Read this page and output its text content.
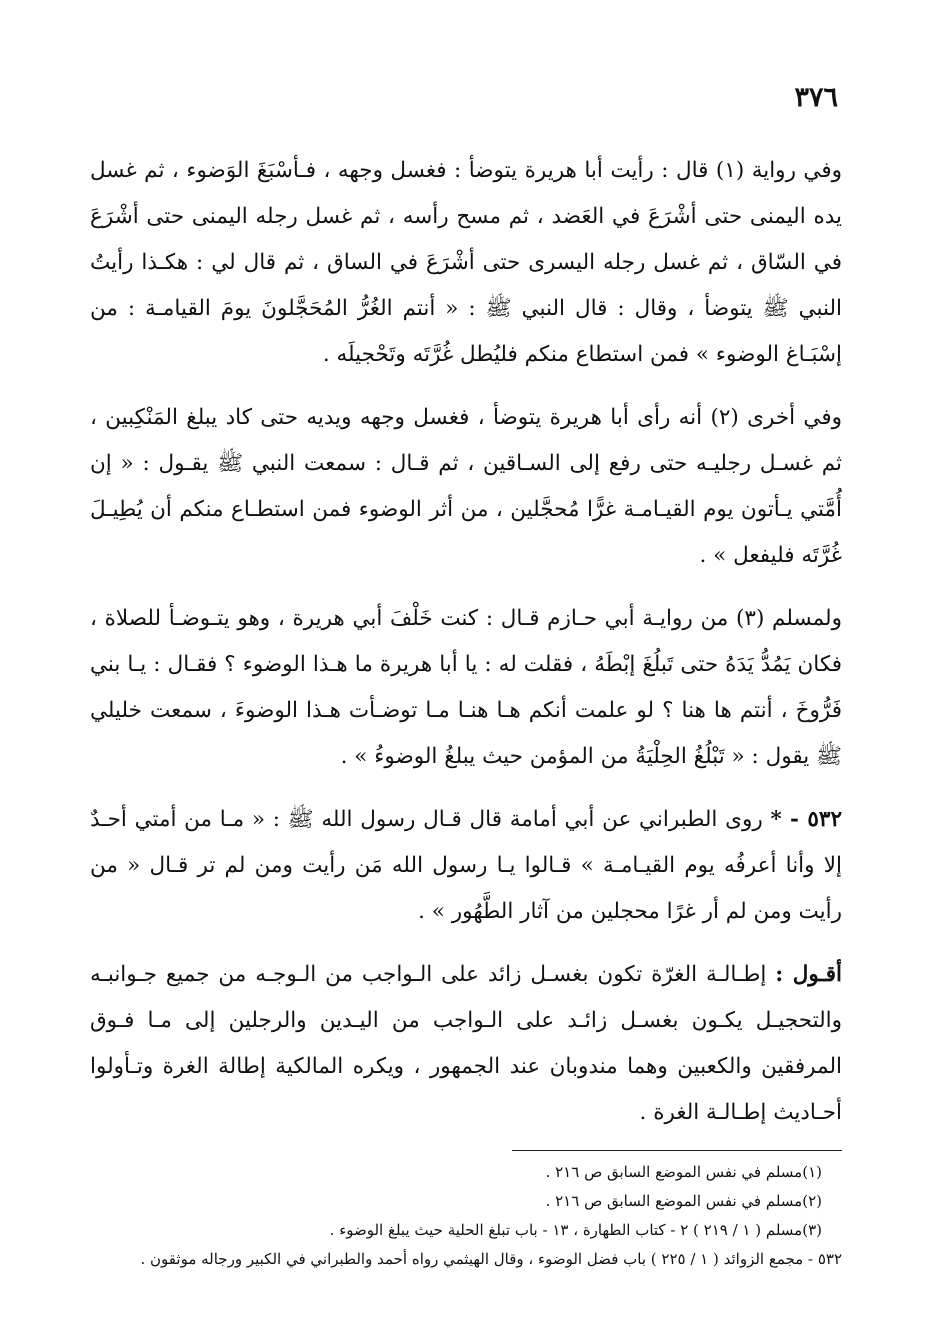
٣٧٦

وفي رواية (١) قال : رأيت أبا هريرة يتوضأ : فغسل وجهه ، فـأسْبَغَ الوَضوء ، ثم غسل يده اليمنى حتى أشْرَعَ في العَضد ، ثم مسح رأسه ، ثم غسل رجله اليمنى حتى أشْرَعَ في السّاق ، ثم غسل رجله اليسرى حتى أشْرَعَ في الساق ، ثم قال لي : هكـذا رأيتُ النبي ﷺ يتوضأ ، وقال : قال النبي ﷺ : « أنتم الغُرُّ المُحَجَّلونَ يومَ القيامـة : من إسْبَـاغ الوضوء » فمن استطاع منكم فليُطل غُرَّتَه وتَحْجيلَه .

وفي أخرى (٢) أنه رأى أبا هريرة يتوضأ ، فغسل وجهه ويديه حتى كاد يبلغ المَنْكِبين ، ثم غسـل رجليـه حتى رفع إلى السـاقين ، ثم قـال : سمعت النبي ﷺ يقـول : « إن أُمَّتي يـأتون يوم القيـامـة غرًّا مُحجَّلين ، من أثر الوضوء فمن استطـاع منكم أن يُطِيـلَ غُرَّتَه فليفعل » .

ولمسلم (٣) من روايـة أبي حـازم قـال : كنت خَلْفَ أبي هريرة ، وهو يتـوضـأ للصلاة ، فكان يَمُدُّ يَدَهُ حتى تَبلُغَ إبْطَهُ ، فقلت له : يا أبا هريرة ما هـذا الوضوء ؟ فقـال : يـا بني فَرُّوخَ ، أنتم ها هنا ؟ لو علمت أنكم هـا هنـا مـا توضـأت هـذا الوضوءَ ، سمعت خليلي ﷺ يقول : « تَبْلُغُ الحِلْيَةُ من المؤمن حيث يبلغُ الوضوءُ » .

٥٣٢ - * روى الطبراني عن أبي أمامة قال قـال رسول الله ﷺ : « مـا من أمتي أحـدٌ إلا وأنا أعرفُه يوم القيـامـة » قـالوا يـا رسول الله مَن رأيت ومن لم تر قـال « من رأيت ومن لم أر غرًا محجلين من آثار الطَّهُور » .

أقـول : إطـالـة الغرّة تكون بغسـل زائد على الـواجب من الـوجـه من جميع جـوانبـه والتحجيـل يكـون بغسـل زائـد على الـواجب من اليـدين والرجلين إلى مـا فـوق المرفقين والكعبين وهما مندوبان عند الجمهور ، ويكره المالكية إطالة الغرة وتـأولوا أحـاديث إطـالـة الغرة .

(١)مسلم في نفس الموضع السابق ص ٢١٦ .

(٢)مسلم في نفس الموضع السابق ص ٢١٦ .

(٣)مسلم ( ١ / ٢١٩ ) ٢ - كتاب الطهارة ، ١٣ - باب تبلغ الحلية حيث يبلغ الوضوء .

٥٣٢ - مجمع الزوائد ( ١ / ٢٢٥ ) باب فضل الوضوء ، وقال الهيثمي رواه أحمد والطبراني في الكبير ورجاله موثقون .
